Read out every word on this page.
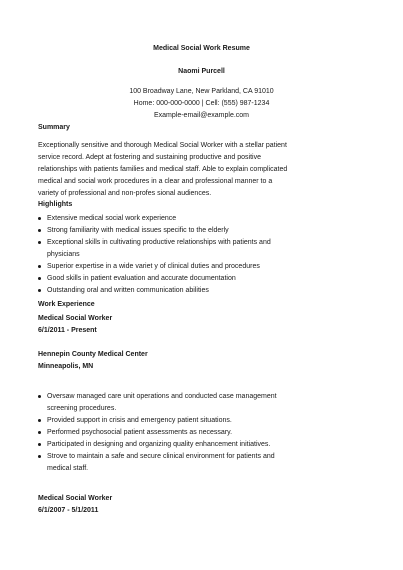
Medical Social Work Resume
Naomi Purcell
100 Broadway Lane, New Parkland, CA 91010
Home: 000-000-0000 | Cell: (555) 987-1234
Example-email@example.com
Summary
Exceptionally sensitive and thorough Medical Social Worker with a stellar patient service record. Adept at fostering and sustaining productive and positive relationships with patients families and medical staff. Able to explain complicated medical and social work procedures in a clear and professional manner to a variety of professional and non-profes sional audiences.
Highlights
Extensive medical social work experience
Strong familiarity with medical issues specific to the elderly
Exceptional skills in cultivating productive relationships with patients and physicians
Superior expertise in a wide variet y of clinical duties and procedures
Good skills in patient evaluation and accurate documentation
Outstanding oral and written communication abilities
Work Experience
Medical Social Worker
6/1/2011 - Present
Hennepin County Medical Center
Minneapolis, MN
Oversaw managed care unit operations and conducted case management screening procedures.
Provided support in crisis and emergency patient situations.
Performed psychosocial patient assessments as necessary.
Participated in designing and organizing quality enhancement initiatives.
Strove to maintain a safe and secure clinical environment for patients and medical staff.
Medical Social Worker
6/1/2007 - 5/1/2011
